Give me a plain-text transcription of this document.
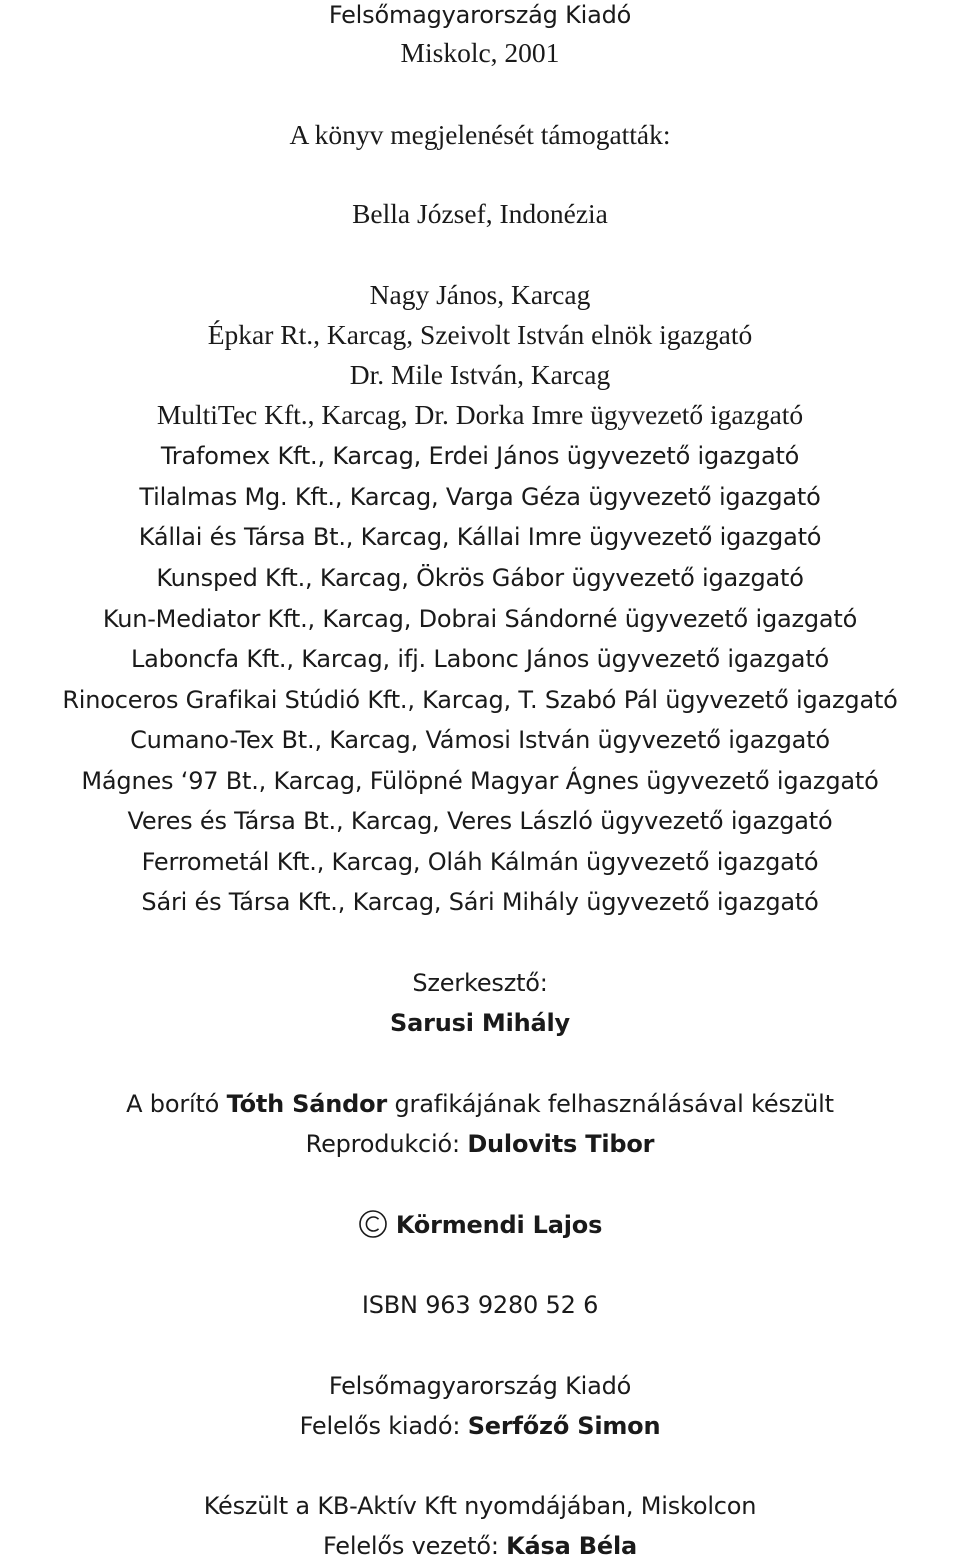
Felsőmagyarország Kiadó
Miskolc, 2001
A könyv megjelenését támogatták:
Bella József, Indonézia
Nagy János, Karcag
Épkar Rt., Karcag, Szeivolt István elnök igazgató
Dr. Mile István, Karcag
MultiTec Kft., Karcag, Dr. Dorka Imre ügyvezető igazgató
Trafomex Kft., Karcag, Erdei János ügyvezető igazgató
Tilalmas Mg. Kft., Karcag, Varga Géza ügyvezető igazgató
Kállai és Társa Bt., Karcag, Kállai Imre ügyvezető igazgató
Kunsped Kft., Karcag, Ökrös Gábor ügyvezető igazgató
Kun-Mediator Kft., Karcag, Dobrai Sándorné ügyvezető igazgató
Laboncfa Kft., Karcag, ifj. Labonc János ügyvezető igazgató
Rinoceros Grafikai Stúdió Kft., Karcag, T. Szabó Pál ügyvezető igazgató
Cumano-Tex Bt., Karcag, Vámosi István ügyvezető igazgató
Mágnes ‘97 Bt., Karcag, Fülöpné Magyar Ágnes ügyvezető igazgató
Veres és Társa Bt., Karcag, Veres László ügyvezető igazgató
Ferrometál Kft., Karcag, Oláh Kálmán ügyvezető igazgató
Sári és Társa Kft., Karcag, Sári Mihály ügyvezető igazgató
Szerkesztő:
Sarusi Mihály
A borító Tóth Sándor grafikájának felhasználásával készült
Reprodukció: Dulovits Tibor
Körmendi Lajos
ISBN 963 9280 52 6
Felsőmagyarország Kiadó
Felelős kiadó: Serfőző Simon
Készült a KB-Aktív Kft nyomdájában, Miskolcon
Felelős vezető: Kása Béla
